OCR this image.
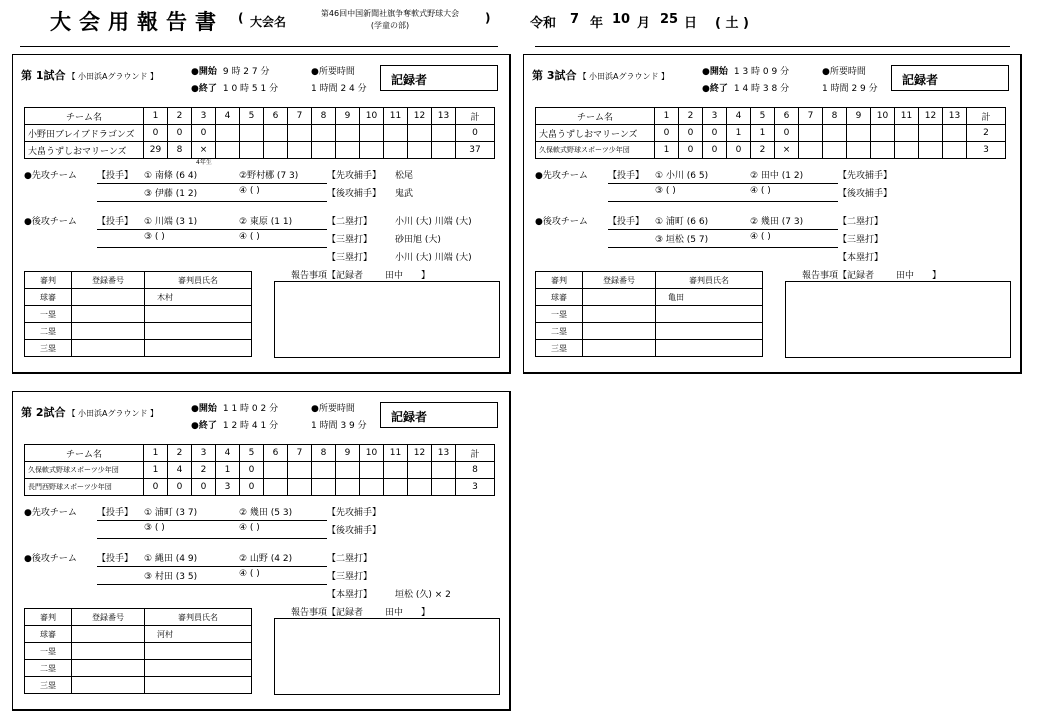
大会用報告書 ( 大会名
第46回中国新聞社旗争奪軟式野球大会
(学童の部)
)	令和 7 年 10 月 25 日 ( 土 )
第 1試合 【 小田浜Aグラウンド 】	●開始 9 時 2 7 分	●所要時間
●終了 1 0 時 5 1 分	1 時間 2 4 分
記録者
チーム名	1	2	3	4	5	6	7	8	9	10	11	12	13	計
小野田ブレイブドラゴンズ	0	0	0											0
大畠うずしおマリーンズ	29	8	×											37
4年生
●先攻チーム 【投手】 ① 南條 (6 4)	②野村梛 (7 3)	【先攻捕手】 松尾
③ 伊藤 (1 2)	④ ( )	【後攻捕手】 鬼武
●後攻チーム 【投手】 ① 川端 (3 1)	② 東原 (1 1)	【二塁打】	小川 (大) 川端 (大)
③ ( )	④ ( )	【三塁打】	砂田旭 (大)
【三塁打】	小川 (大) 川端 (大)
審判	登録番号	審判員氏名
球審		木村
一塁		
二塁		
三塁		
報告事項【記録者 田中 】
第 2試合 【 小田浜Aグラウンド 】	●開始 1 1 時 0 2 分	●所要時間
●終了 1 2 時 4 1 分	1 時間 3 9 分
記録者
チーム名	1	2	3	4	5	6	7	8	9	10	11	12	13	計
久保軟式野球スポーツ少年団	1	4	2	1	0									8
長門西野球スポーツ少年団	0	0	0	3	0									3
●先攻チーム 【投手】 ① 浦町 (3 7)	② 幾田 (5 3)	【先攻捕手】
③ ( )	④ ( )	【後攻捕手】
●後攻チーム 【投手】 ① 縄田 (4 9)	② 山野 (4 2)	【二塁打】
③ 村田 (3 5)	④ ( )	【三塁打】
【本塁打】	垣松 (久) × 2
審判	登録番号	審判員氏名
球審		河村
一塁		
二塁		
三塁		
報告事項【記録者 田中 】
第 3試合 【 小田浜Aグラウンド 】	●開始 1 3 時 0 9 分	●所要時間
●終了 1 4 時 3 8 分	1 時間 2 9 分
記録者
チーム名	1	2	3	4	5	6	7	8	9	10	11	12	13	計
大畠うずしおマリーンズ	0	0	0	1	1	0								2
久保軟式野球スポーツ少年団	1	0	0	0	2	×								3
●先攻チーム 【投手】 ① 小川 (6 5)	② 田中 (1 2)	【先攻捕手】
③ ( )	④ ( )	【後攻捕手】
●後攻チーム 【投手】 ① 浦町 (6 6)	② 幾田 (7 3)	【二塁打】
③ 垣松 (5 7)	④ ( )	【三塁打】
【本塁打】
審判	登録番号	審判員氏名
球審		亀田
一塁		
二塁		
三塁		
報告事項【記録者 田中 】
